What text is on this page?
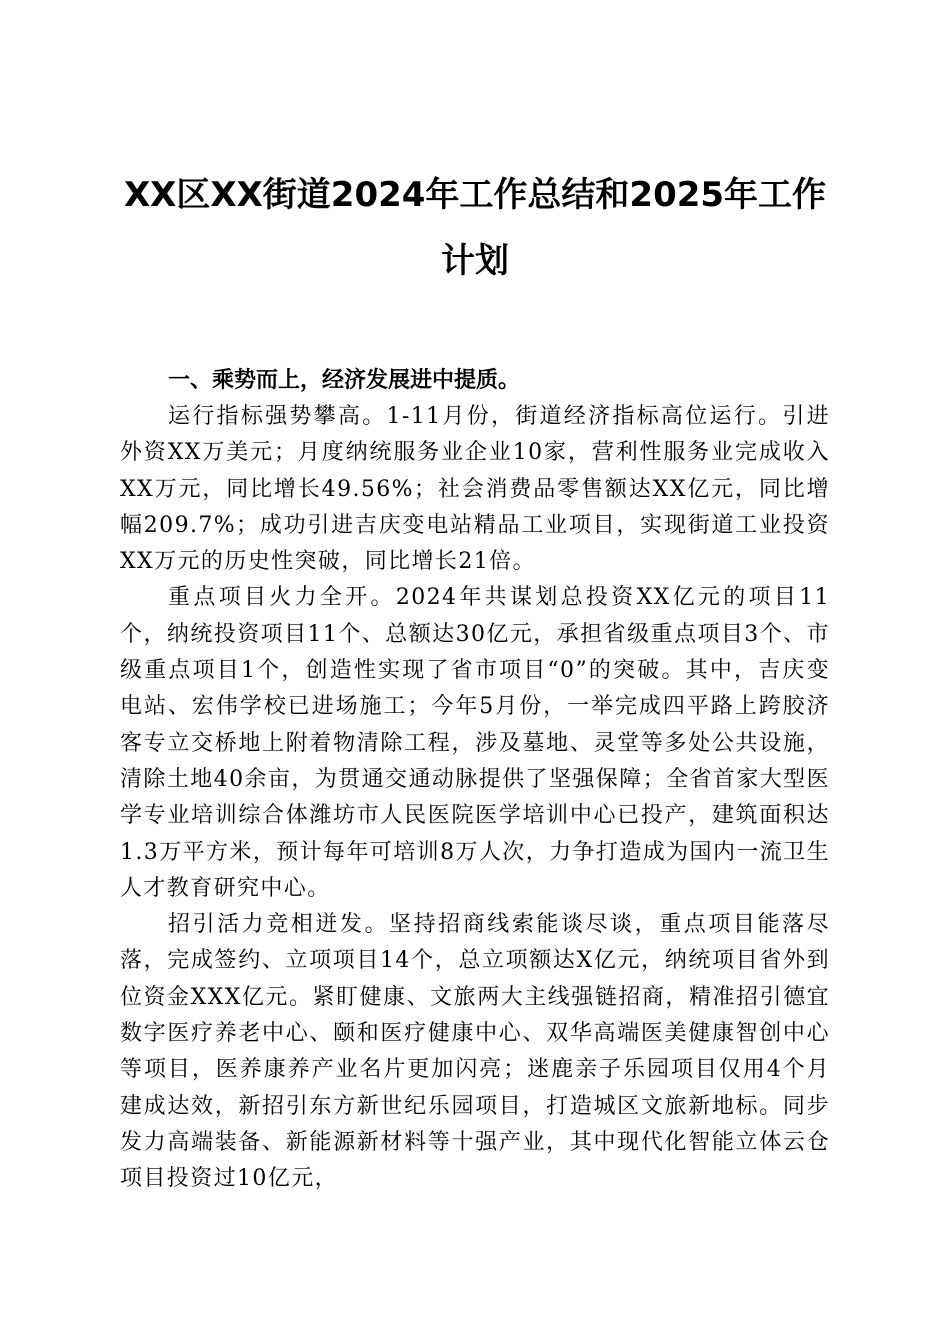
XX区XX街道2024年工作总结和2025年工作计划

一、乘势而上，经济发展进中提质。

运行指标强势攀高。1-11月份，街道经济指标高位运行。引进外资XX万美元；月度纳统服务业企业10家，营利性服务业完成收入XX万元，同比增长49.56%；社会消费品零售额达XX亿元，同比增幅209.7%；成功引进吉庆变电站精品工业项目，实现街道工业投资XX万元的历史性突破，同比增长21倍。

重点项目火力全开。2024年共谋划总投资XX亿元的项目11个，纳统投资项目11个、总额达30亿元，承担省级重点项目3个、市级重点项目1个，创造性实现了省市项目“0”的突破。其中，吉庆变电站、宏伟学校已进场施工；今年5月份，一举完成四平路上跨胶济客专立交桥地上附着物清除工程，涉及墓地、灵堂等多处公共设施，清除土地40余亩，为贯通交通动脉提供了坚强保障；全省首家大型医学专业培训综合体潍坊市人民医院医学培训中心已投产，建筑面积达1.3万平方米，预计每年可培训8万人次，力争打造成为国内一流卫生人才教育研究中心。

招引活力竞相迸发。坚持招商线索能谈尽谈，重点项目能落尽落，完成签约、立项项目14个，总立项额达X亿元，纳统项目省外到位资金XXX亿元。紧盯健康、文旅两大主线强链招商，精准招引德宜数字医疗养老中心、颐和医疗健康中心、双华高端医美健康智创中心等项目，医养康养产业名片更加闪亮；迷鹿亲子乐园项目仅用4个月建成达效，新招引东方新世纪乐园项目，打造城区文旅新地标。同步发力高端装备、新能源新材料等十强产业，其中现代化智能立体云仓项目投资过10亿元，
